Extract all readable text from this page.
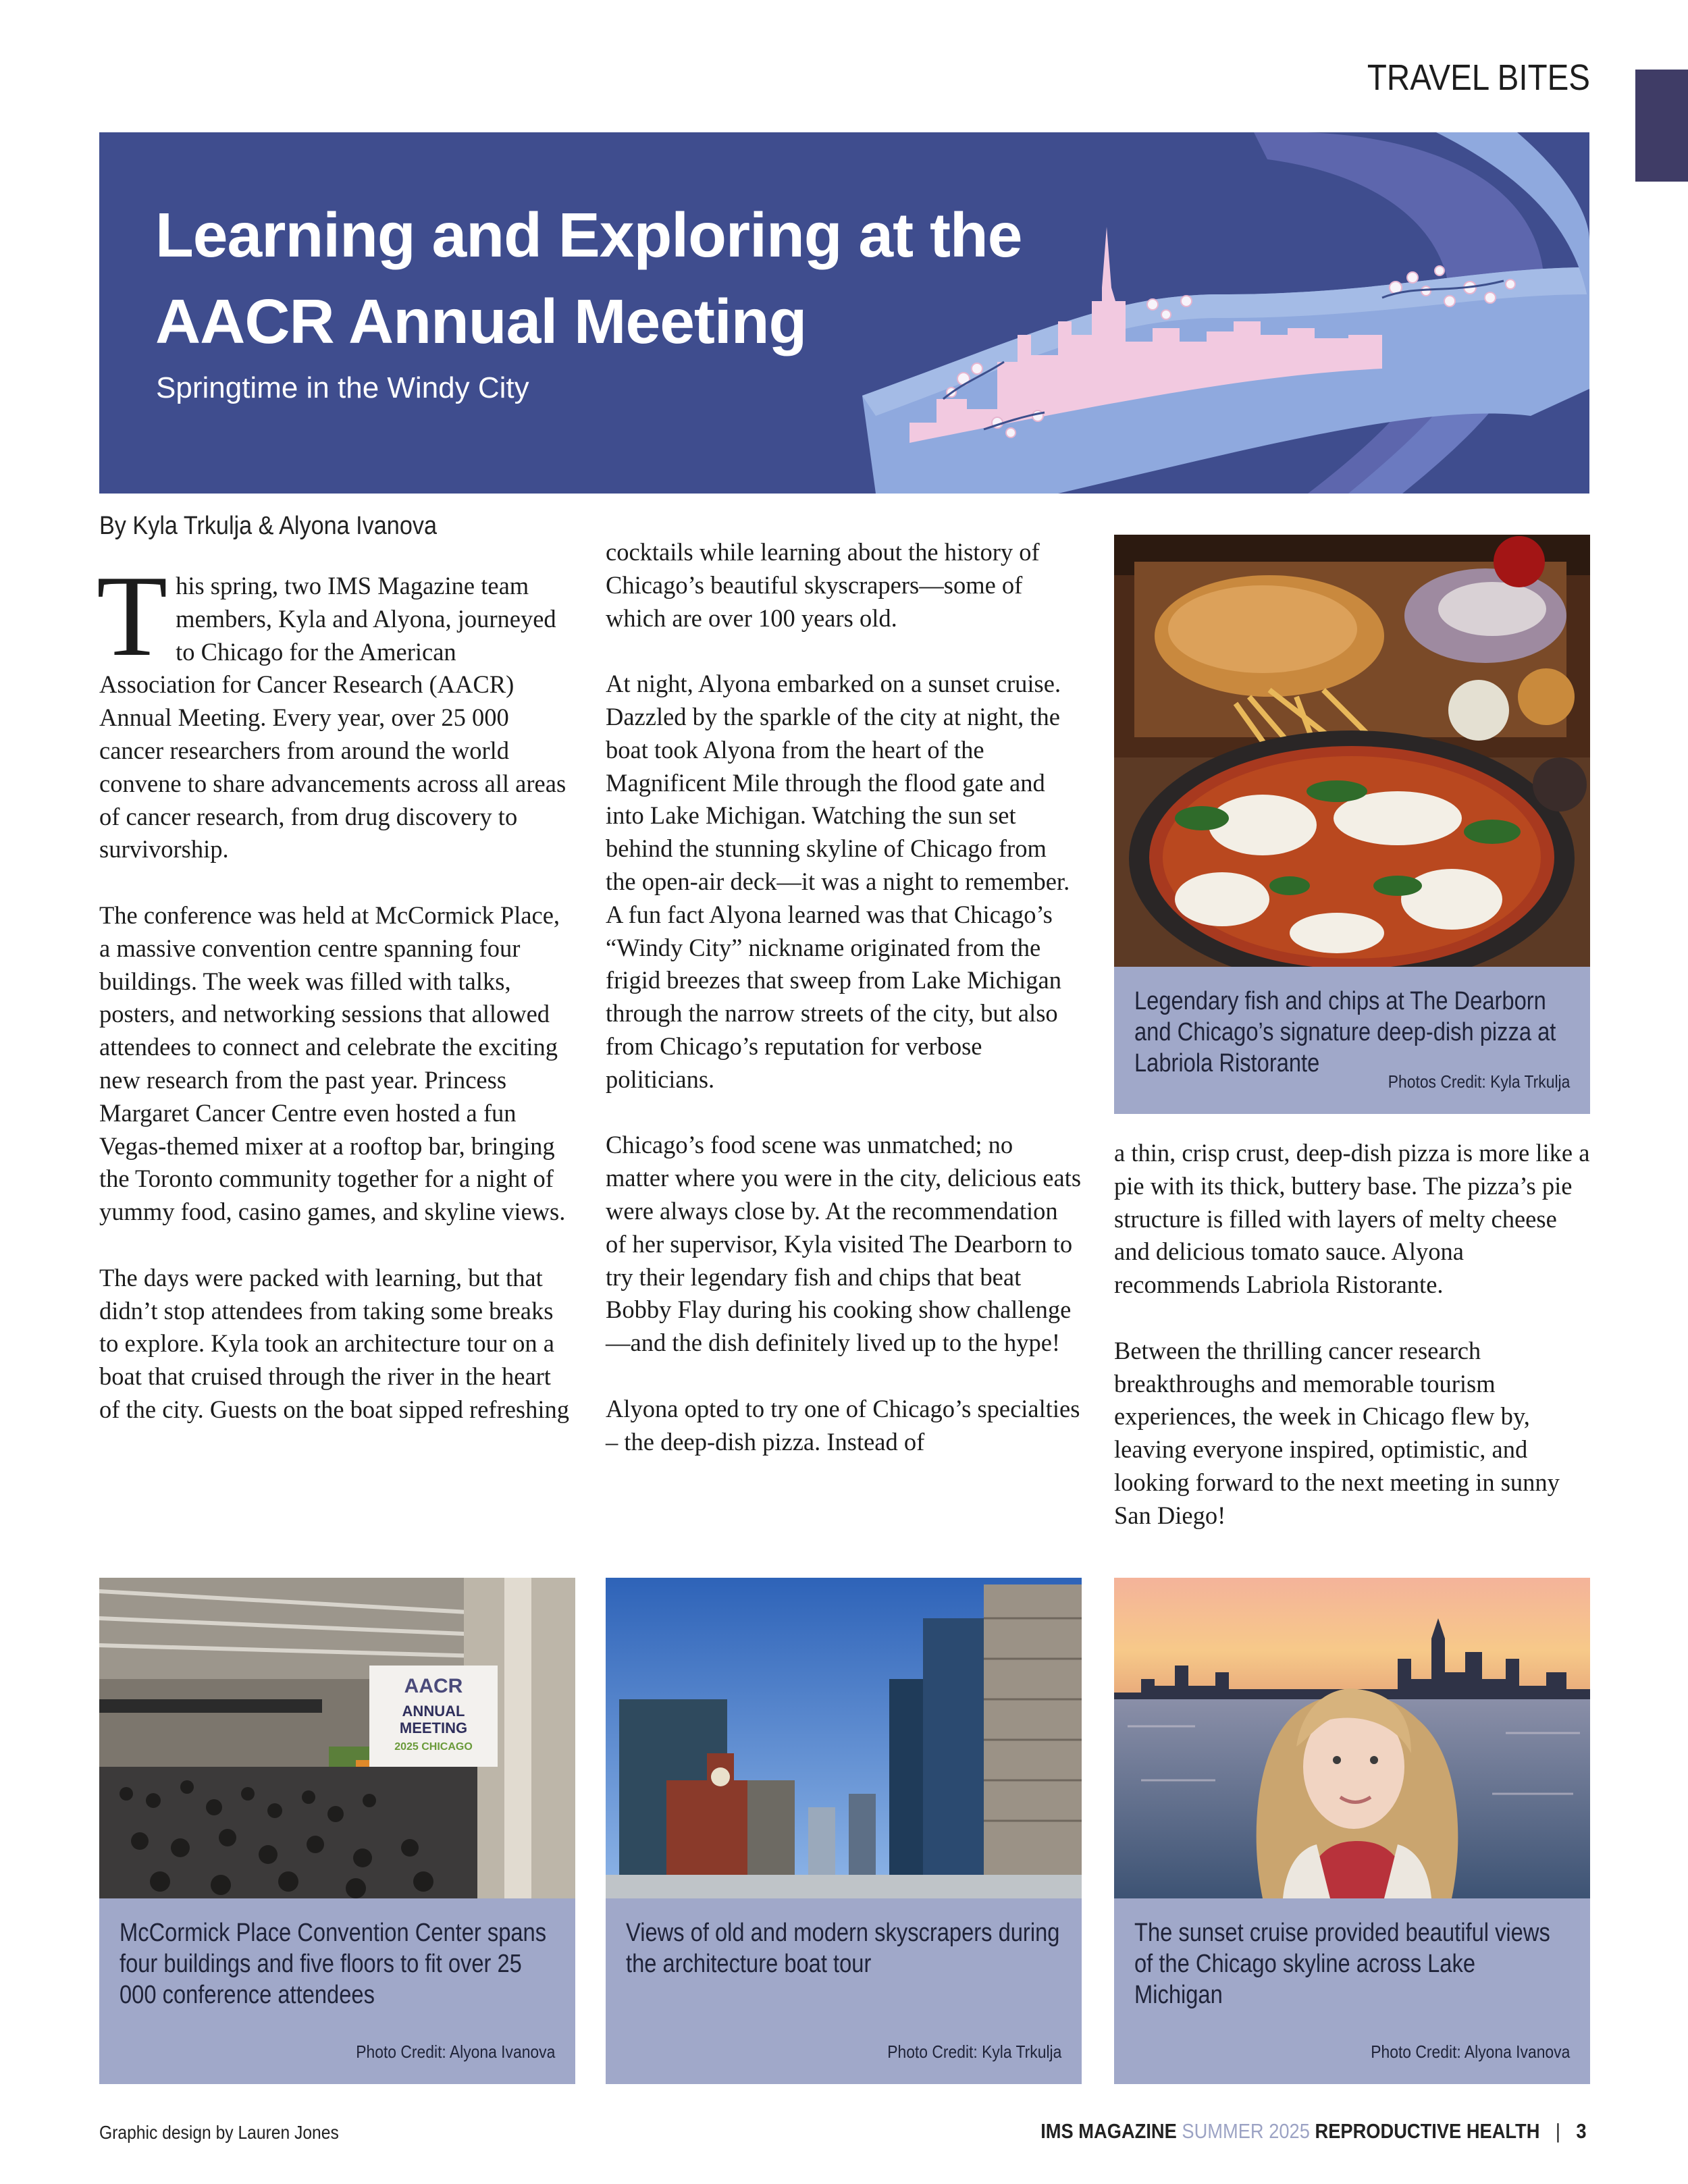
TRAVEL BITES
Learning and Exploring at the
AACR Annual Meeting

Springtime in the Windy City

By Kyla Trkulja & Alyona Ivanova

This spring, two IMS Magazine team members, Kyla and Alyona, journeyed to Chicago for the American Association for Cancer Research (AACR) Annual Meeting. Every year, over 25 000 cancer researchers from around the world convene to share advancements across all areas of cancer research, from drug discovery to survivorship.

The conference was held at McCormick Place, a massive convention centre spanning four buildings. The week was filled with talks, posters, and networking sessions that allowed attendees to connect and celebrate the exciting new research from the past year. Princess Margaret Cancer Centre even hosted a fun Vegas-themed mixer at a rooftop bar, bringing the Toronto community together for a night of yummy food, casino games, and skyline views.

The days were packed with learning, but that didn’t stop attendees from taking some breaks to explore. Kyla took an architecture tour on a boat that cruised through the river in the heart of the city. Guests on the boat sipped refreshing

cocktails while learning about the history of Chicago’s beautiful skyscrapers—some of which are over 100 years old.

At night, Alyona embarked on a sunset cruise. Dazzled by the sparkle of the city at night, the boat took Alyona from the heart of the Magnificent Mile through the flood gate and into Lake Michigan. Watching the sun set behind the stunning skyline of Chicago from the open-air deck—it was a night to remember. A fun fact Alyona learned was that Chicago’s “Windy City” nickname originated from the frigid breezes that sweep from Lake Michigan through the narrow streets of the city, but also from Chicago’s reputation for verbose politicians.

Chicago’s food scene was unmatched; no matter where you were in the city, delicious eats were always close by. At the recommendation of her supervisor, Kyla visited The Dearborn to try their legendary fish and chips that beat Bobby Flay during his cooking show challenge—and the dish definitely lived up to the hype!

Alyona opted to try one of Chicago’s specialties – the deep-dish pizza. Instead of

a thin, crisp crust, deep-dish pizza is more like a pie with its thick, buttery base. The pizza’s pie structure is filled with layers of melty cheese and delicious tomato sauce. Alyona recommends Labriola Ristorante.

Between the thrilling cancer research breakthroughs and memorable tourism experiences, the week in Chicago flew by, leaving everyone inspired, optimistic, and looking forward to the next meeting in sunny San Diego!

Legendary fish and chips at The Dearborn and Chicago’s signature deep-dish pizza at Labriola Ristorante
Photos Credit: Kyla Trkulja
AACR
ANNUAL
MEETING
2025 CHICAGO
McCormick Place Convention Center spans four buildings and five floors to fit over 25 000 conference attendees
Photo Credit: Alyona Ivanova
Views of old and modern skyscrapers during the architecture boat tour
Photo Credit: Kyla Trkulja
The sunset cruise provided beautiful views of the Chicago skyline across Lake Michigan
Photo Credit: Alyona Ivanova
Graphic design by Lauren Jones	IMS MAGAZINE SUMMER 2025 REPRODUCTIVE HEALTH | 3
